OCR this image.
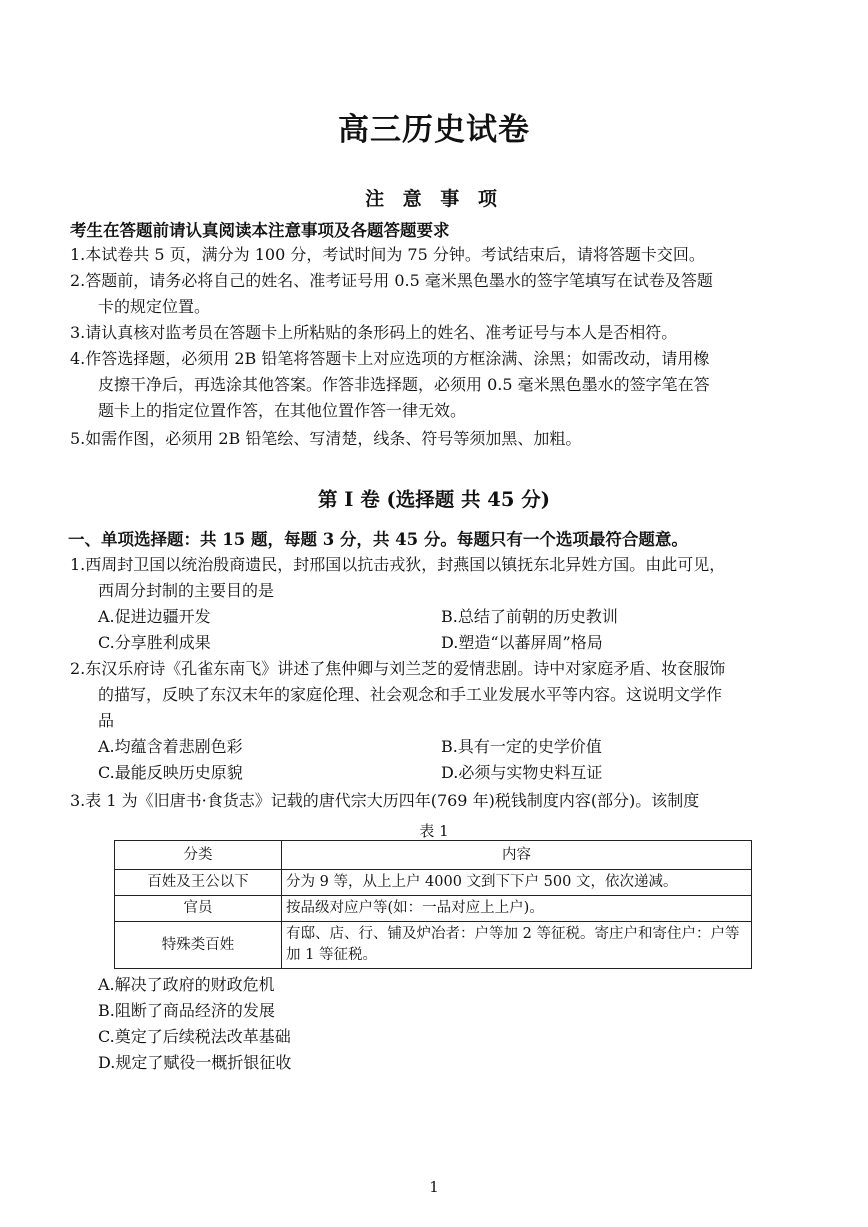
高三历史试卷
注 意 事 项
考生在答题前请认真阅读本注意事项及各题答题要求
1.本试卷共 5 页，满分为 100 分，考试时间为 75 分钟。考试结束后，请将答题卡交回。
2.答题前，请务必将自己的姓名、准考证号用 0.5 毫米黑色墨水的签字笔填写在试卷及答题
卡的规定位置。
3.请认真核对监考员在答题卡上所粘贴的条形码上的姓名、准考证号与本人是否相符。
4.作答选择题，必须用 2B 铅笔将答题卡上对应选项的方框涂满、涂黑；如需改动，请用橡
皮擦干净后，再选涂其他答案。作答非选择题，必须用 0.5 毫米黑色墨水的签字笔在答
题卡上的指定位置作答，在其他位置作答一律无效。
5.如需作图，必须用 2B 铅笔绘、写清楚，线条、符号等须加黑、加粗。
第 I 卷 (选择题 共 45 分)
一、单项选择题：共 15 题，每题 3 分，共 45 分。每题只有一个选项最符合题意。
1.西周封卫国以统治殷商遗民，封邢国以抗击戎狄，封燕国以镇抚东北异姓方国。由此可见，
西周分封制的主要目的是
A.促进边疆开发	B.总结了前朝的历史教训
C.分享胜利成果	D.塑造“以蕃屏周”格局
2.东汉乐府诗《孔雀东南飞》讲述了焦仲卿与刘兰芝的爱情悲剧。诗中对家庭矛盾、妆奁服饰
的描写，反映了东汉末年的家庭伦理、社会观念和手工业发展水平等内容。这说明文学作
品
A.均蕴含着悲剧色彩	B.具有一定的史学价值
C.最能反映历史原貌	D.必须与实物史料互证
3.表 1 为《旧唐书·食货志》记载的唐代宗大历四年(769 年)税钱制度内容(部分)。该制度
表 1
分类	内容
百姓及王公以下	分为 9 等，从上上户 4000 文到下下户 500 文，依次递减。
官员	按品级对应户等(如：一品对应上上户)。
特殊类百姓	有邸、店、行、铺及炉冶者：户等加 2 等征税。寄庄户和寄住户：户等加 1 等征税。
A.解决了政府的财政危机
B.阻断了商品经济的发展
C.奠定了后续税法改革基础
D.规定了赋役一概折银征收
1
